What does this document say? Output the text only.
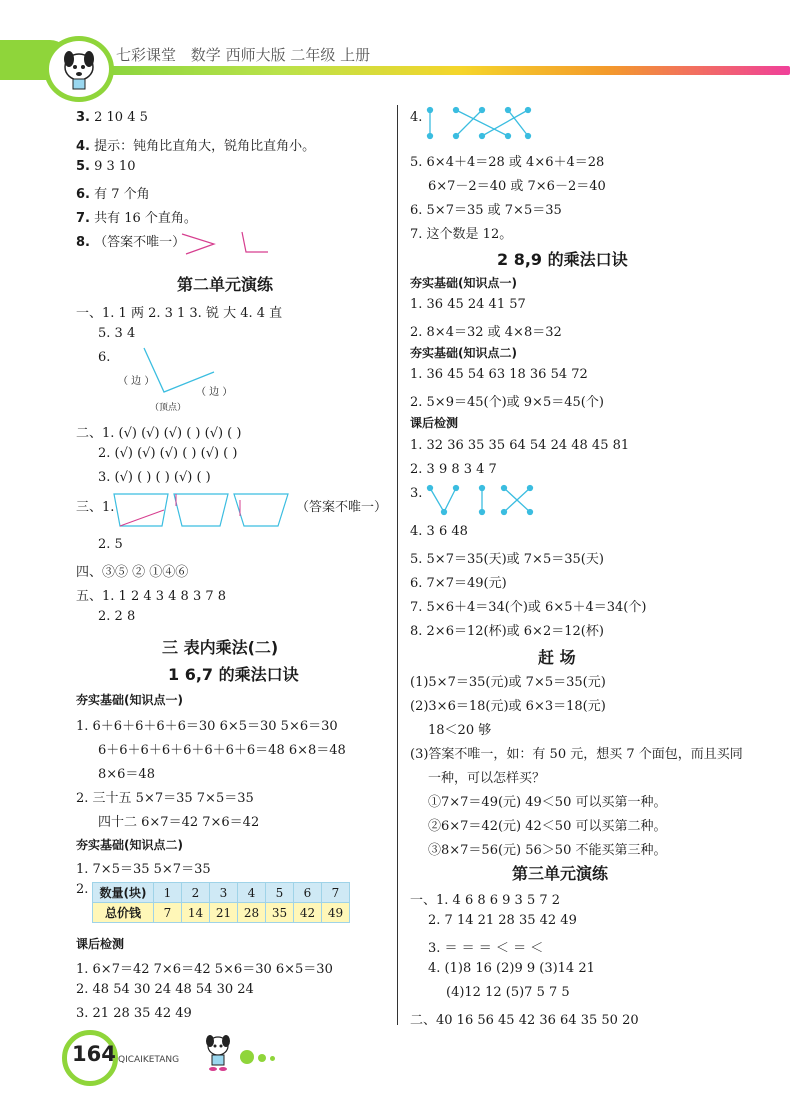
七彩课堂 数学 西师大版 二年级 上册
3. 2 10 4 5
4. 提示：钝角比直角大，锐角比直角小。
5. 9 3 10
6. 有 7 个角
7. 共有 16 个直角。
8. （答案不唯一）
第二单元演练
一、1. 1 两 2. 3 1 3. 锐 大 4. 4 直
5. 3 4
6.
（ 边 ）
（ 边 ）
（顶点）
二、1. (√) (√) (√) ( ) (√) ( )
2. (√) (√) (√) ( ) (√) ( )
3. (√) ( ) ( ) (√) ( )
三、1.	（答案不唯一）
2. 5
四、③⑤ ② ①④⑥
五、1. 1 2 4 3 4 8 3 7 8
2. 2 8
三 表内乘法(二)
1 6,7 的乘法口诀
夯实基础(知识点一)
1. 6＋6＋6＋6＋6＝30 6×5＝30 5×6＝30
6＋6＋6＋6＋6＋6＋6＋6＝48 6×8＝48
8×6＝48
2. 三十五 5×7＝35 7×5＝35
四十二 6×7＝42 7×6＝42
夯实基础(知识点二)
1. 7×5＝35 5×7＝35
2. 数量(块)	1	2	3	4	5	6	7
总价钱	7	14	21	28	35	42	49
课后检测
1. 6×7＝42 7×6＝42 5×6＝30 6×5＝30
2. 48 54 30 24 48 54 30 24
3. 21 28 35 42 49
4.
5. 6×4＋4＝28 或 4×6＋4＝28
6×7－2＝40 或 7×6－2＝40
6. 5×7＝35 或 7×5＝35
7. 这个数是 12。
2 8,9 的乘法口诀
夯实基础(知识点一)
1. 36 45 24 41 57
2. 8×4＝32 或 4×8＝32
夯实基础(知识点二)
1. 36 45 54 63 18 36 54 72
2. 5×9＝45(个)或 9×5＝45(个)
课后检测
1. 32 36 35 35 64 54 24 48 45 81
2. 3 9 8 3 4 7
3.
4. 3 6 48
5. 5×7＝35(天)或 7×5＝35(天)
6. 7×7＝49(元)
7. 5×6＋4＝34(个)或 6×5＋4＝34(个)
8. 2×6＝12(杯)或 6×2＝12(杯)
赶 场
(1)5×7＝35(元)或 7×5＝35(元)
(2)3×6＝18(元)或 6×3＝18(元)
18＜20 够
(3)答案不唯一，如：有 50 元，想买 7 个面包，而且买同
一种，可以怎样买？
①7×7＝49(元) 49＜50 可以买第一种。
②6×7＝42(元) 42＜50 可以买第二种。
③8×7＝56(元) 56＞50 不能买第三种。
第三单元演练
一、1. 4 6 8 6 9 3 5 7 2
2. 7 14 21 28 35 42 49
3. ＝ ＝ ＝ ＜ ＝ ＜
4. (1)8 16 (2)9 9 (3)14 21
(4)12 12 (5)7 5 7 5
二、40 16 56 45 42 36 64 35 50 20
164 QICAIKETANG
